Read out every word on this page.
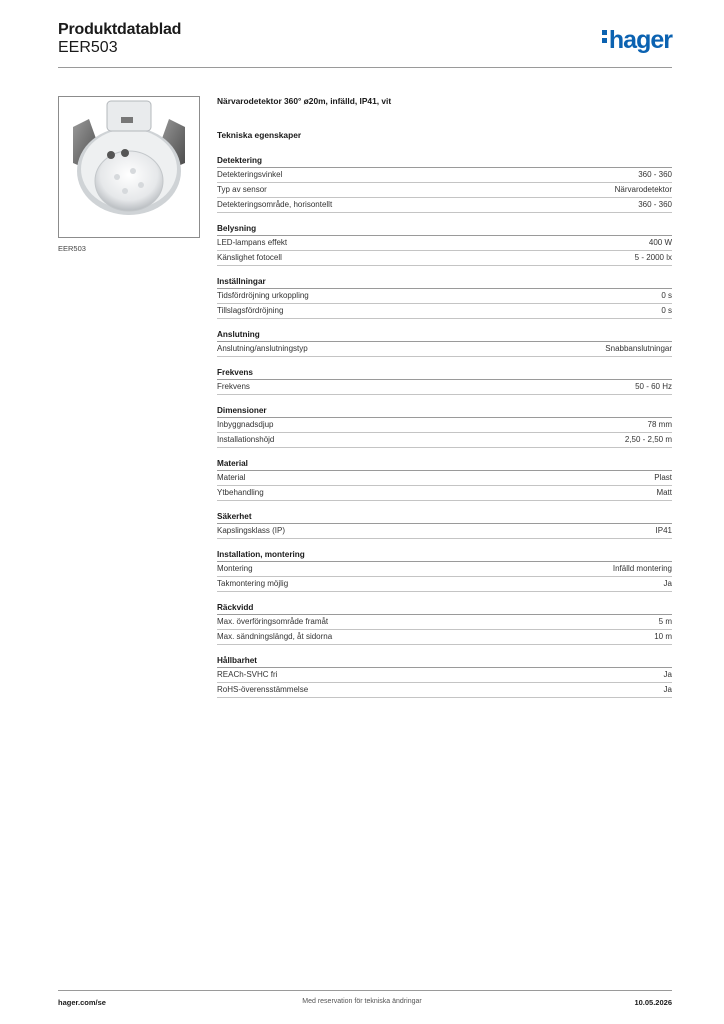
Produktdatablad
EER503	hager
EER503
Närvarodetektor 360° ø20m, infälld, IP41, vit
Tekniska egenskaper
Detektering
Detekteringsvinkel	360 - 360
Typ av sensor	Närvarodetektor
Detekteringsområde, horisontellt	360 - 360
Belysning
LED-lampans effekt	400 W
Känslighet fotocell	5 - 2000 lx
Inställningar
Tidsfördröjning urkoppling	0 s
Tillslagsfördröjning	0 s
Anslutning
Anslutning/anslutningstyp	Snabbanslutningar
Frekvens
Frekvens	50 - 60 Hz
Dimensioner
Inbyggnadsdjup	78 mm
Installationshöjd	2,50 - 2,50 m
Material
Material	Plast
Ytbehandling	Matt
Säkerhet
Kapslingsklass (IP)	IP41
Installation, montering
Montering	Infälld montering
Takmontering möjlig	Ja
Räckvidd
Max. överföringsområde framåt	5 m
Max. sändningslängd, åt sidorna	10 m
Hållbarhet
REACh-SVHC fri	Ja
RoHS-överensstämmelse	Ja
hager.com/se	Med reservation för tekniska ändringar	10.05.2026
